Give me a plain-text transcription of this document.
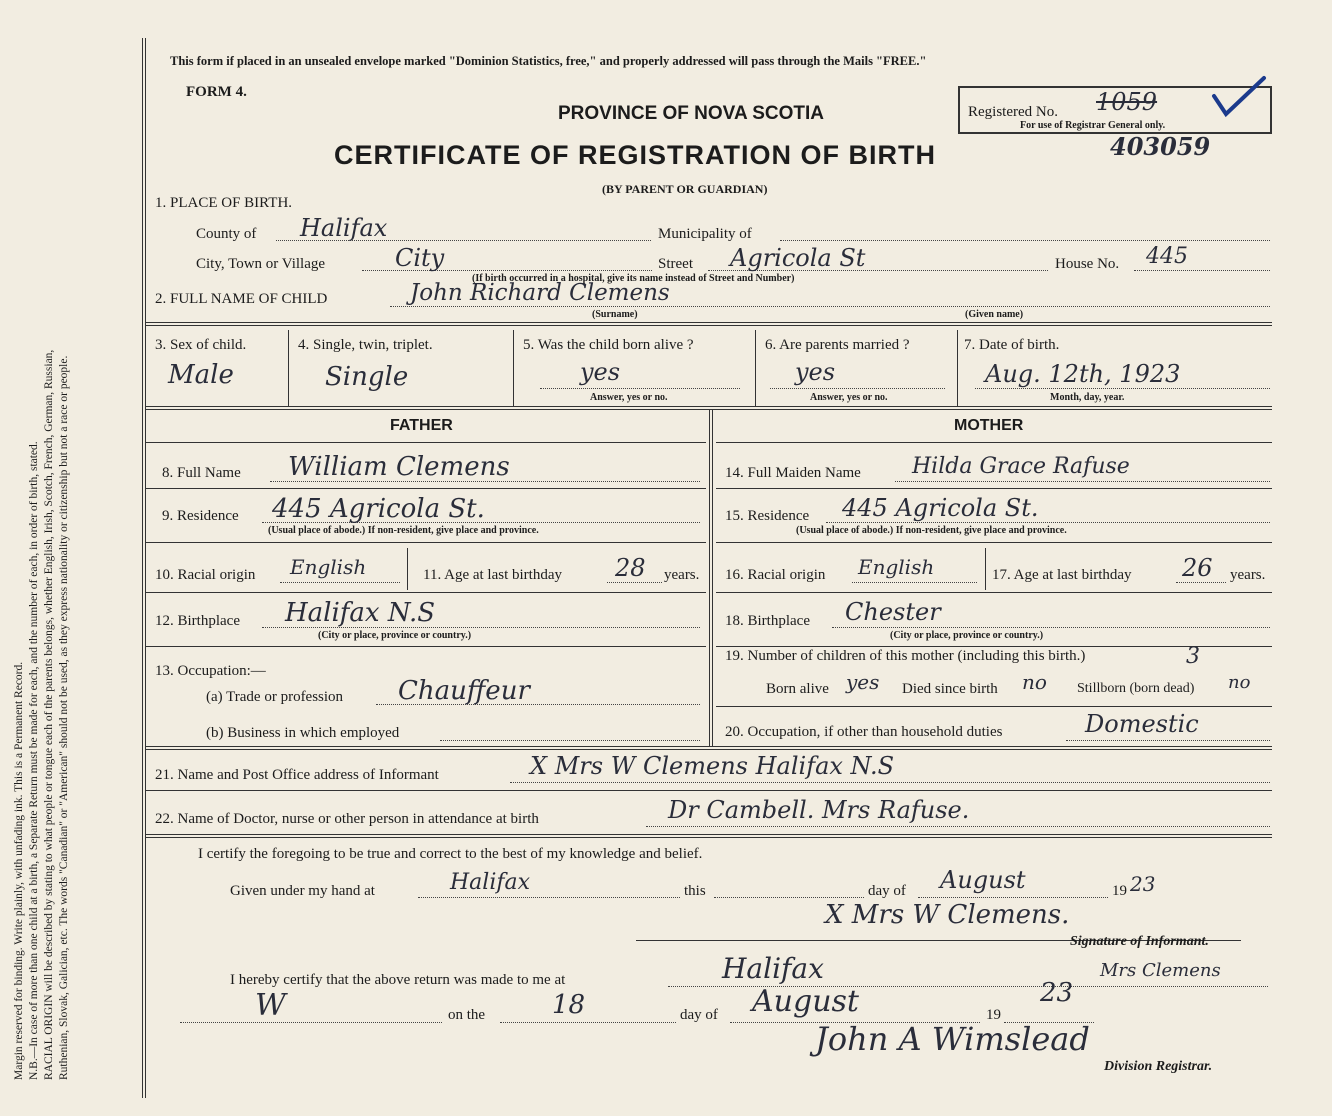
Margin reserved for binding. Write plainly, with unfading ink. This is a Permanent Record. N.B.—In case of more than one child at a birth, a Separate Return must be made for each, and the number of each, in order of birth, stated. RACIAL ORIGIN will be described by stating to what people or tongue each of the parents belongs, whether English, Irish, Scotch, French, German, Russian, Ruthenian, Slovak, Galician, etc. The words "Canadian" or "American" should not be used, as they express nationality or citizenship but not a race or people.
This form if placed in an unsealed envelope marked "Dominion Statistics, free," and properly addressed will pass through the Mails "FREE."
FORM 4.
PROVINCE OF NOVA SCOTIA	Registered No. 1059
For use of Registrar General only.
CERTIFICATE OF REGISTRATION OF BIRTH	403059
(BY PARENT OR GUARDIAN)
1. PLACE OF BIRTH.
County of Halifax	Municipality of
City, Town or Village	City	Street Agricola St	House No. 445
(If birth occurred in a hospital, give its name instead of Street and Number)
2. FULL NAME OF CHILD	John Richard Clemens
(Surname)	(Given name)
3. Sex of child.
Male
4. Single, twin, triplet.
Single
5. Was the child born alive ?
yes
Answer, yes or no.
6. Are parents married ?
yes
Answer, yes or no.
7. Date of birth.
Aug. 12th, 1923
Month, day, year.
FATHER
8. Full Name William Clemens
9. Residence 445 Agricola St.
(Usual place of abode.) If non-resident, give place and province.
10. Racial origin English	11. Age at last birthday 28 years.
12. Birthplace Halifax N.S
(City or place, province or country.)
13. Occupation:—
(a) Trade or profession Chauffeur
(b) Business in which employed
MOTHER
14. Full Maiden Name Hilda Grace Rafuse
15. Residence 445 Agricola St.
(Usual place of abode.) If non-resident, give place and province.
16. Racial origin English	17. Age at last birthday 26 years.
18. Birthplace Chester
(City or place, province or country.)
19. Number of children of this mother (including this birth.)	3
Born alive yes Died since birth no Stillborn (born dead) no
20. Occupation, if other than household duties	Domestic
21. Name and Post Office address of Informant	X Mrs W Clemens Halifax N.S
22. Name of Doctor, nurse or other person in attendance at birth	Dr Cambell. Mrs Rafuse.
I certify the foregoing to be true and correct to the best of my knowledge and belief.
Given under my hand at	Halifax	this	day of August	19 23
X Mrs W Clemens.
Signature of Informant.
I hereby certify that the above return was made to me at	Halifax	Mrs Clemens
W	on the	18	day of August	19
23
John A Wimslead
Division Registrar.
